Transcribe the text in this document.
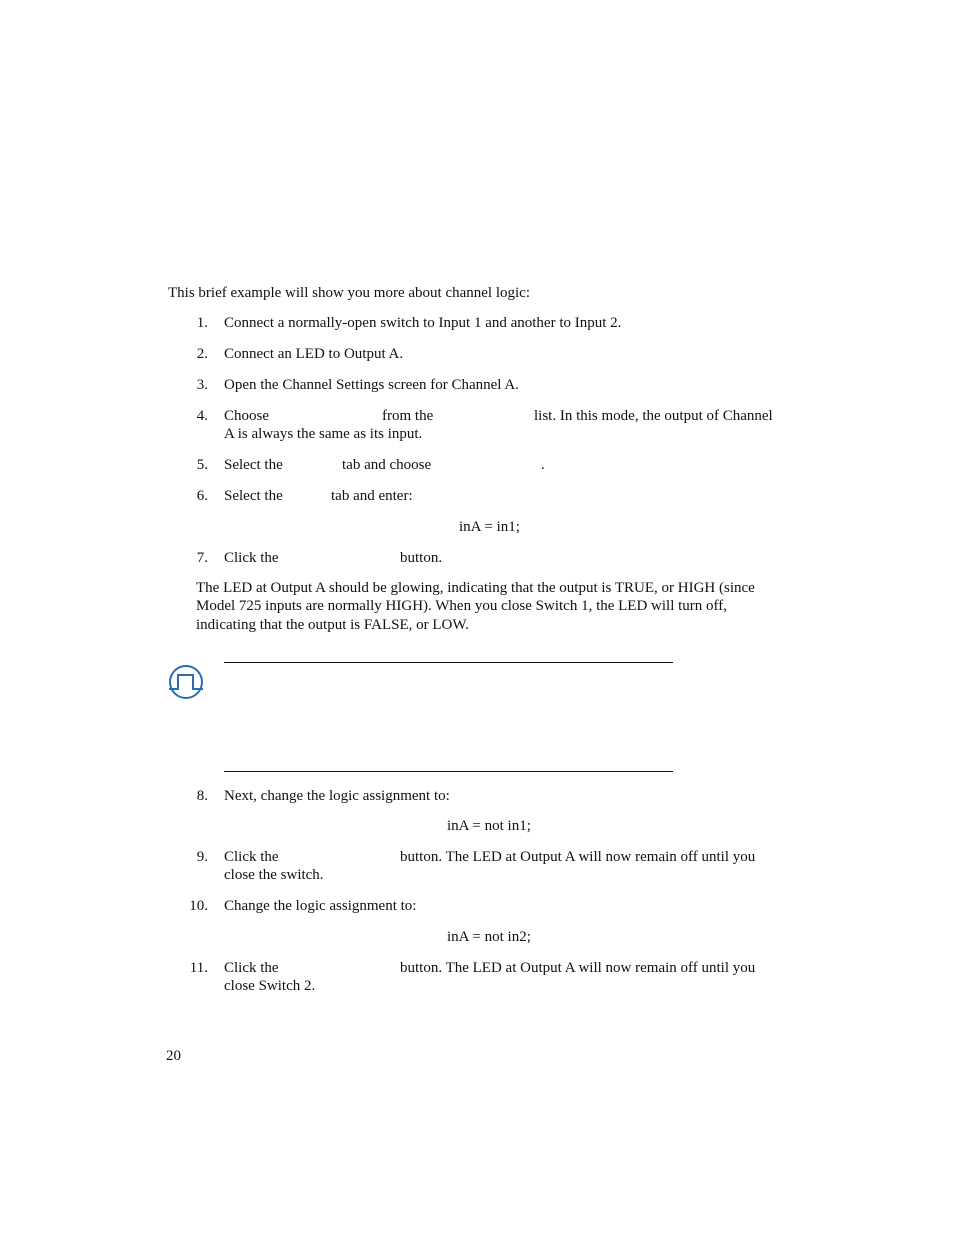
This brief example will show you more about channel logic:
1. Connect a normally-open switch to Input 1 and another to Input 2.
2. Connect an LED to Output A.
3. Open the Channel Settings screen for Channel A.
4. Choose	from the	list. In this mode, the output of Channel
A is always the same as its input.
5. Select the	tab and choose	.
6. Select the	tab and enter:
inA = in1;
7. Click the	button.
The LED at Output A should be glowing, indicating that the output is TRUE, or HIGH (since
Model 725 inputs are normally HIGH). When you close Switch 1, the LED will turn off,
indicating that the output is FALSE, or LOW.
8. Next, change the logic assignment to:
inA = not in1;
9. Click the	button. The LED at Output A will now remain off until you
close the switch.
10. Change the logic assignment to:
inA = not in2;
11. Click the	button. The LED at Output A will now remain off until you
close Switch 2.
20
